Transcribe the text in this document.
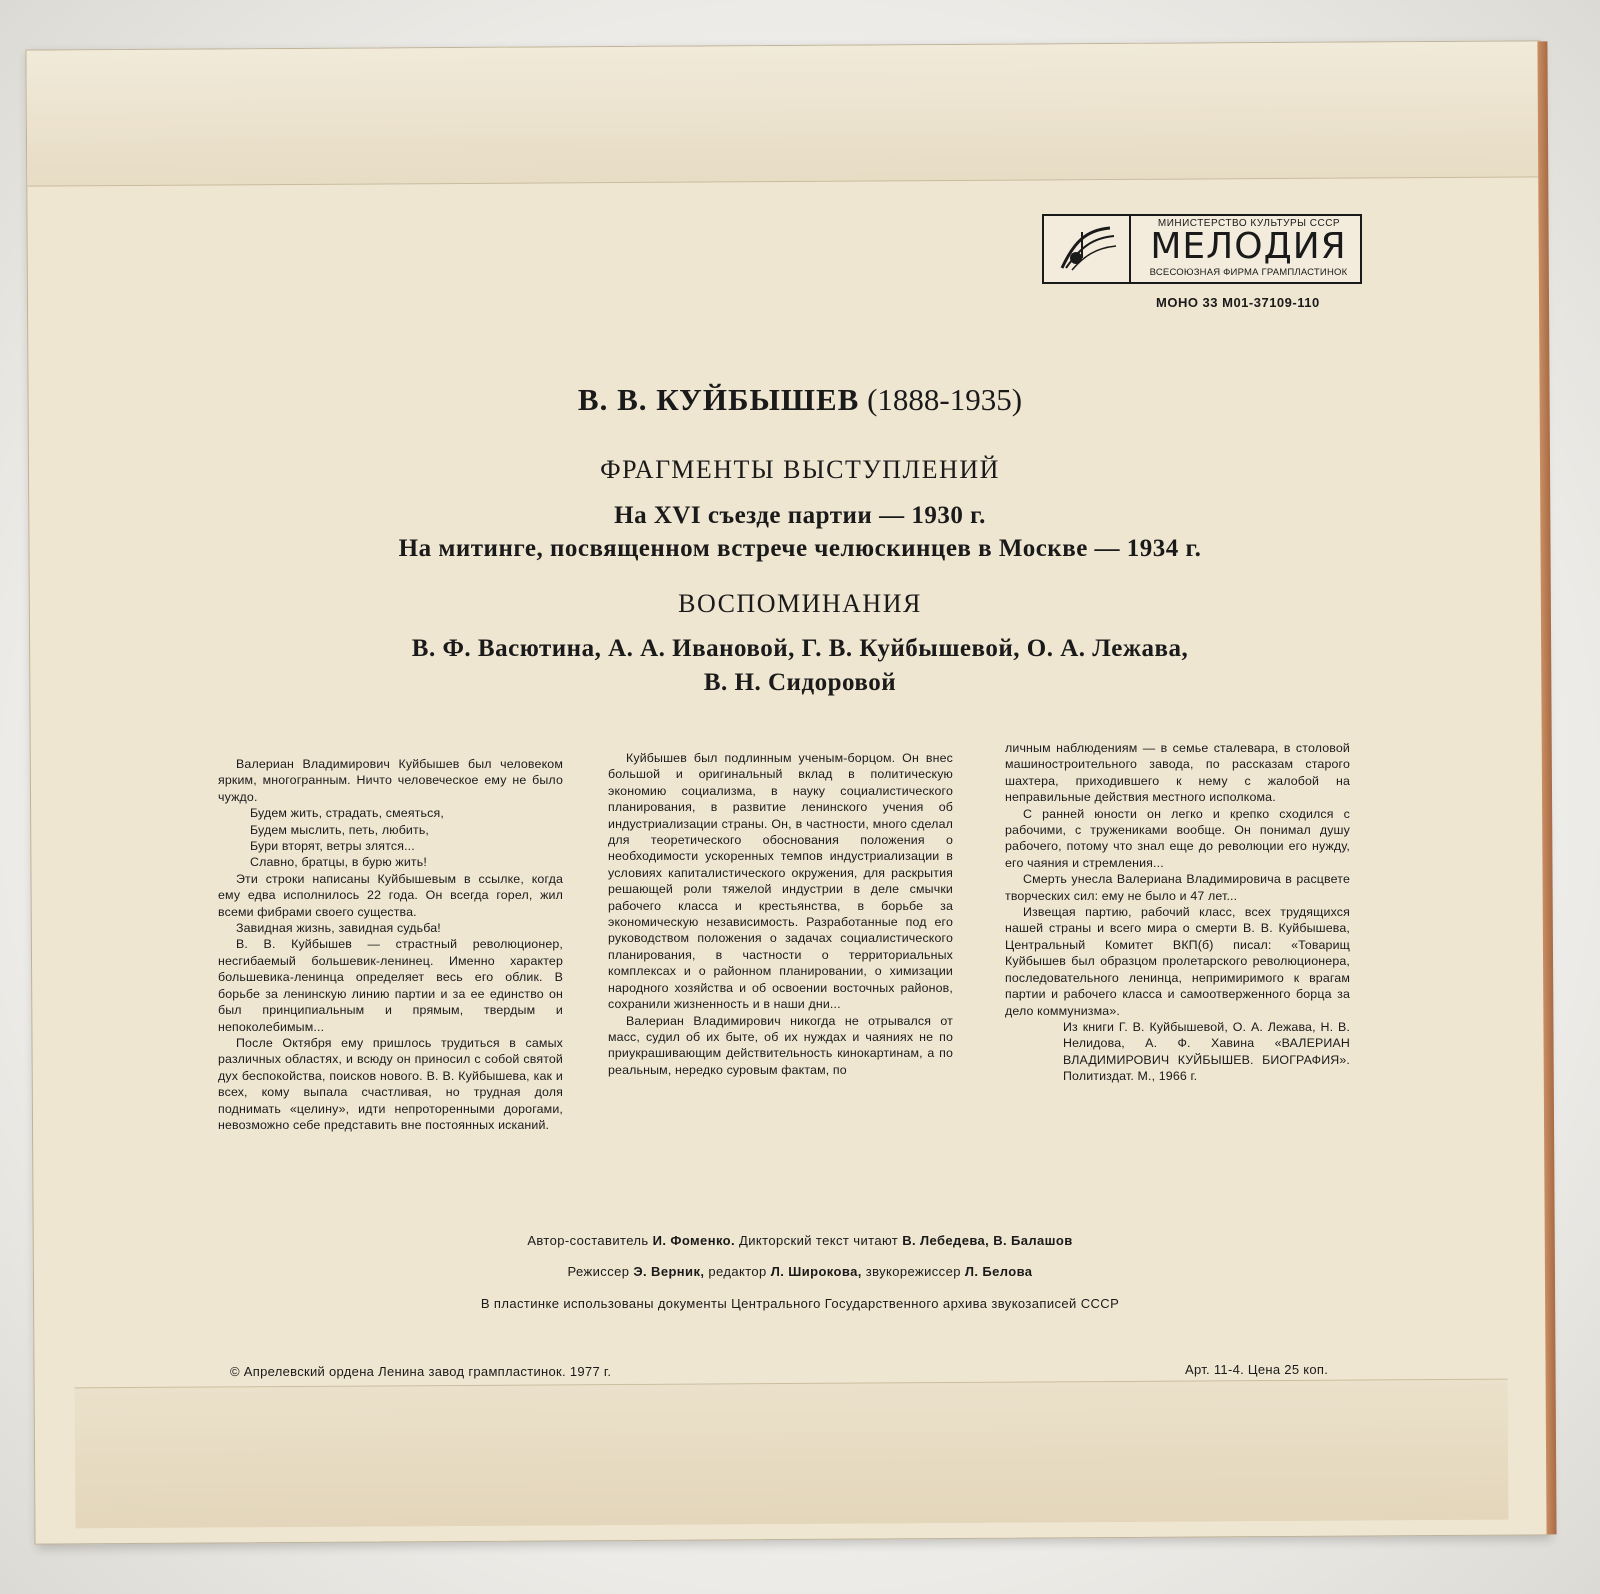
МИНИСТЕРСТВО КУЛЬТУРЫ СССР
МЕЛОДИЯ
ВСЕСОЮЗНАЯ ФИРМА ГРАМПЛАСТИНОК
МОНО 33 М01-37109-110
В. В. КУЙБЫШЕВ (1888-1935)
ФРАГМЕНТЫ ВЫСТУПЛЕНИЙ
На XVI съезде партии — 1930 г.
На митинге, посвященном встрече челюскинцев в Москве — 1934 г.
ВОСПОМИНАНИЯ
В. Ф. Васютина, А. А. Ивановой, Г. В. Куйбышевой, О. А. Лежава,
В. Н. Сидоровой

Валериан Владимирович Куйбышев был человеком ярким, многогранным. Ничто человеческое ему не было чуждо.

Будем жить, страдать, смеяться,

Будем мыслить, петь, любить,

Бури вторят, ветры злятся...

Славно, братцы, в бурю жить!

Эти строки написаны Куйбышевым в ссылке, когда ему едва исполнилось 22 года. Он всегда горел, жил всеми фибрами своего существа.

Завидная жизнь, завидная судьба!

В. В. Куйбышев — страстный революционер, несгибаемый большевик-ленинец. Именно характер большевика-ленинца определяет весь его облик. В борьбе за ленинскую линию партии и за ее единство он был принципиальным и прямым, твердым и непоколебимым...

После Октября ему пришлось трудиться в самых различных областях, и всюду он приносил с собой святой дух беспокойства, поисков нового. В. В. Куйбышева, как и всех, кому выпала счастливая, но трудная доля поднимать «целину», идти непроторенными дорогами, невозможно себе представить вне постоянных исканий.

Куйбышев был подлинным ученым-борцом. Он внес большой и оригинальный вклад в политическую экономию социализма, в науку социалистического планирования, в развитие ленинского учения об индустриализации страны. Он, в частности, много сделал для теоретического обоснования положения о необходимости ускоренных темпов индустриализации в условиях капиталистического окружения, для раскрытия решающей роли тяжелой индустрии в деле смычки рабочего класса и крестьянства, в борьбе за экономическую независимость. Разработанные под его руководством положения о задачах социалистического планирования, в частности о территориальных комплексах и о районном планировании, о химизации народного хозяйства и об освоении восточных районов, сохранили жизненность и в наши дни...

Валериан Владимирович никогда не отрывался от масс, судил об их быте, об их нуждах и чаяниях не по приукрашивающим действительность кинокартинам, а по реальным, нередко суровым фактам, по

личным наблюдениям — в семье сталевара, в столовой машиностроительного завода, по рассказам старого шахтера, приходившего к нему с жалобой на неправильные действия местного исполкома.

С ранней юности он легко и крепко сходился с рабочими, с тружениками вообще. Он понимал душу рабочего, потому что знал еще до революции его нужду, его чаяния и стремления...

Смерть унесла Валериана Владимировича в расцвете творческих сил: ему не было и 47 лет...

Извещая партию, рабочий класс, всех трудящихся нашей страны и всего мира о смерти В. В. Куйбышева, Центральный Комитет ВКП(б) писал: «Товарищ Куйбышев был образцом пролетарского революционера, последовательного ленинца, непримиримого к врагам партии и рабочего класса и самоотверженного борца за дело коммунизма».

Из книги Г. В. Куйбышевой, О. А. Лежава, Н. В. Нелидова, А. Ф. Хавина «ВАЛЕРИАН ВЛАДИМИРОВИЧ КУЙБЫШЕВ. БИОГРАФИЯ». Политиздат. М., 1966 г.

Автор-составитель И. Фоменко. Дикторский текст читают В. Лебедева, В. Балашов
Режиссер Э. Верник, редактор Л. Широкова, звукорежиссер Л. Белова
В пластинке использованы документы Центрального Государственного архива звукозаписей СССР
© Апрелевский ордена Ленина завод грампластинок. 1977 г.	Арт. 11-4. Цена 25 коп.
